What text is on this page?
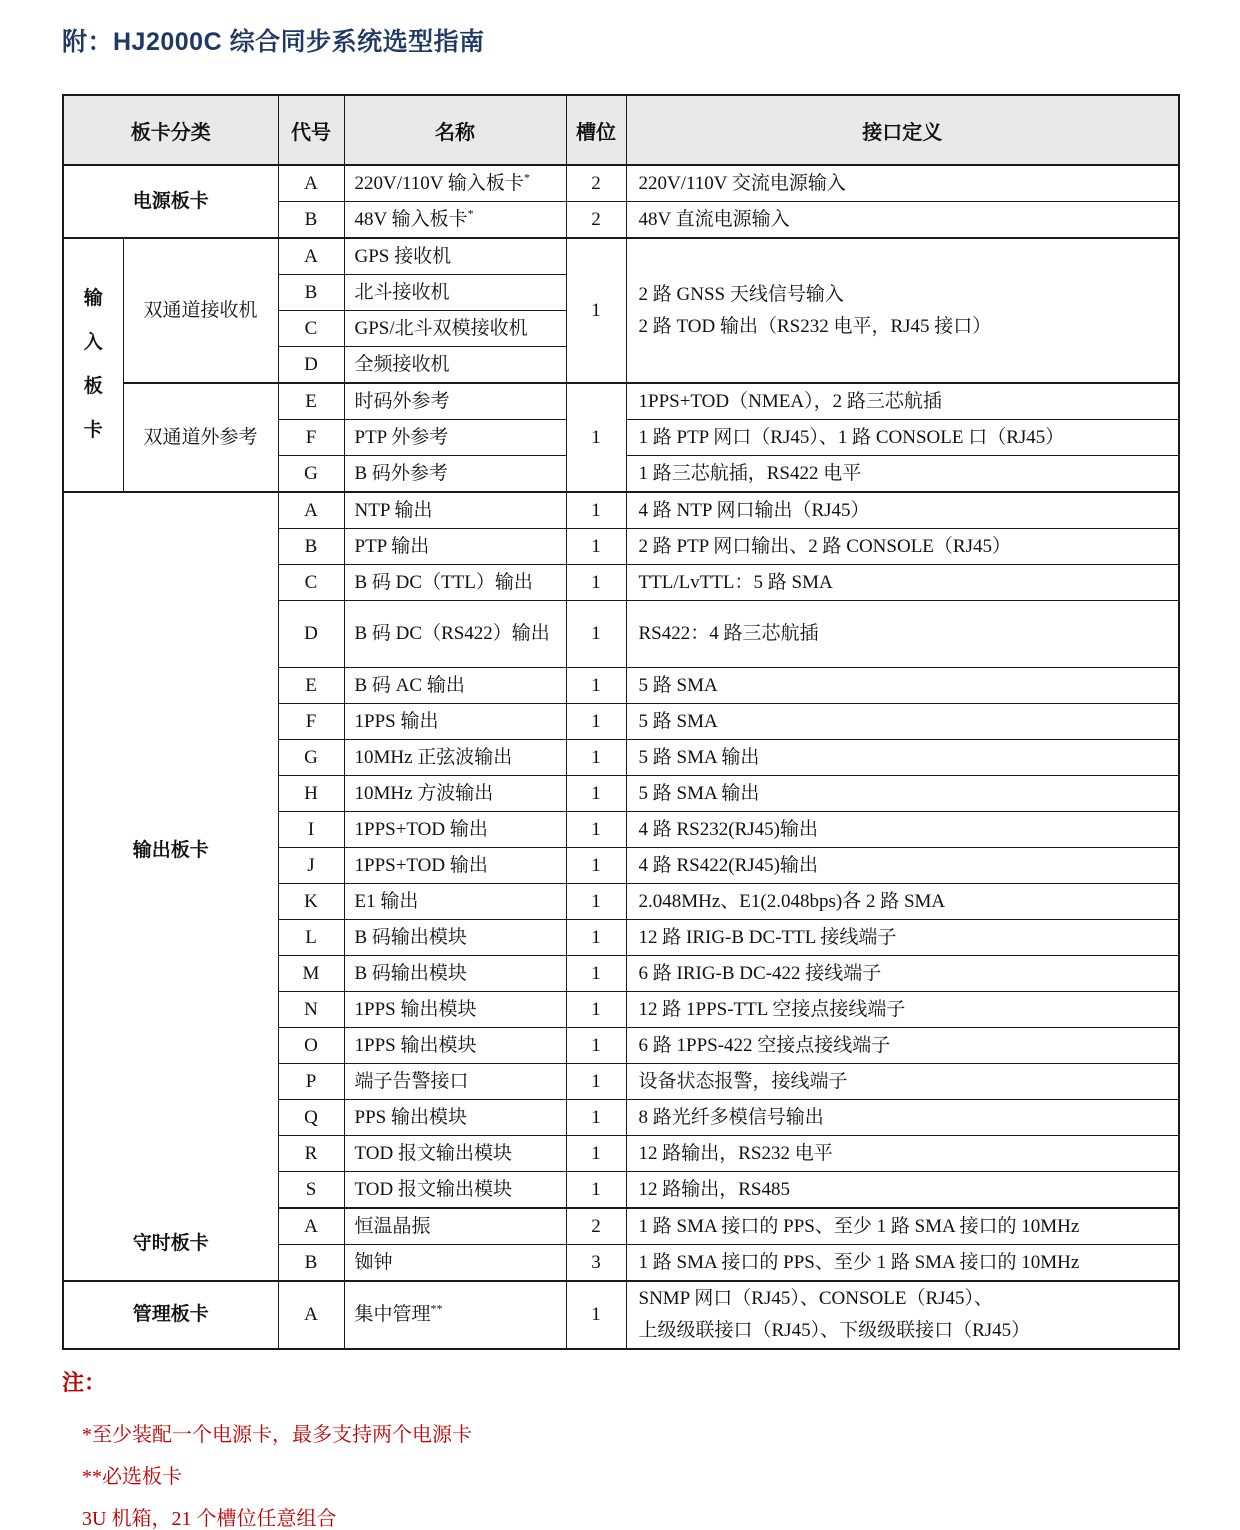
附：HJ2000C 综合同步系统选型指南
板卡分类		代号	名称	槽位	接口定义
电源板卡		A	220V/110V 输入板卡*	2	220V/110V 交流电源输入
		B	48V 输入板卡*	2	48V 直流电源输入
输入板卡	双通道接收机	A	GPS 接收机	1	2 路 GNSS 天线信号输入
2 路 TOD 输出（RS232 电平，RJ45 接口）

		B	北斗接收机		
		C	GPS/北斗双模接收机		
		D	全频接收机		
	双通道外参考	E	时码外参考	1	1PPS+TOD（NMEA），2 路三芯航插
		F	PTP 外参考		1 路 PTP 网口（RJ45）、1 路 CONSOLE 口（RJ45）
		G	B 码外参考		1 路三芯航插，RS422 电平
输出板卡		A	NTP 输出	1	4 路 NTP 网口输出（RJ45）
		B	PTP 输出	1	2 路 PTP 网口输出、2 路 CONSOLE（RJ45）
		C	B 码 DC（TTL）输出	1	TTL/LvTTL：5 路 SMA
		D	B 码 DC（RS422）输出	1	RS422：4 路三芯航插
		E	B 码 AC 输出	1	5 路 SMA
		F	1PPS 输出	1	5 路 SMA
		G	10MHz 正弦波输出	1	5 路 SMA 输出
		H	10MHz 方波输出	1	5 路 SMA 输出
		I	1PPS+TOD 输出	1	4 路 RS232(RJ45)输出
		J	1PPS+TOD 输出	1	4 路 RS422(RJ45)输出
		K	E1 输出	1	2.048MHz、E1(2.048bps)各 2 路 SMA
		L	B 码输出模块	1	12 路 IRIG-B DC-TTL 接线端子
		M	B 码输出模块	1	6 路 IRIG-B DC-422 接线端子
		N	1PPS 输出模块	1	12 路 1PPS-TTL 空接点接线端子
		O	1PPS 输出模块	1	6 路 1PPS-422 空接点接线端子
		P	端子告警接口	1	设备状态报警，接线端子
		Q	PPS 输出模块	1	8 路光纤多模信号输出
		R	TOD 报文输出模块	1	12 路输出，RS232 电平
		S	TOD 报文输出模块	1	12 路输出，RS485
守时板卡		A	恒温晶振	2	1 路 SMA 接口的 PPS、至少 1 路 SMA 接口的 10MHz
		B	铷钟	3	1 路 SMA 接口的 PPS、至少 1 路 SMA 接口的 10MHz
管理板卡		A	集中管理**	1	SNMP 网口（RJ45）、CONSOLE（RJ45）、
上级级联接口（RJ45）、下级级联接口（RJ45）
注：
*至少装配一个电源卡，最多支持两个电源卡
**必选板卡
3U 机箱，21 个槽位任意组合
